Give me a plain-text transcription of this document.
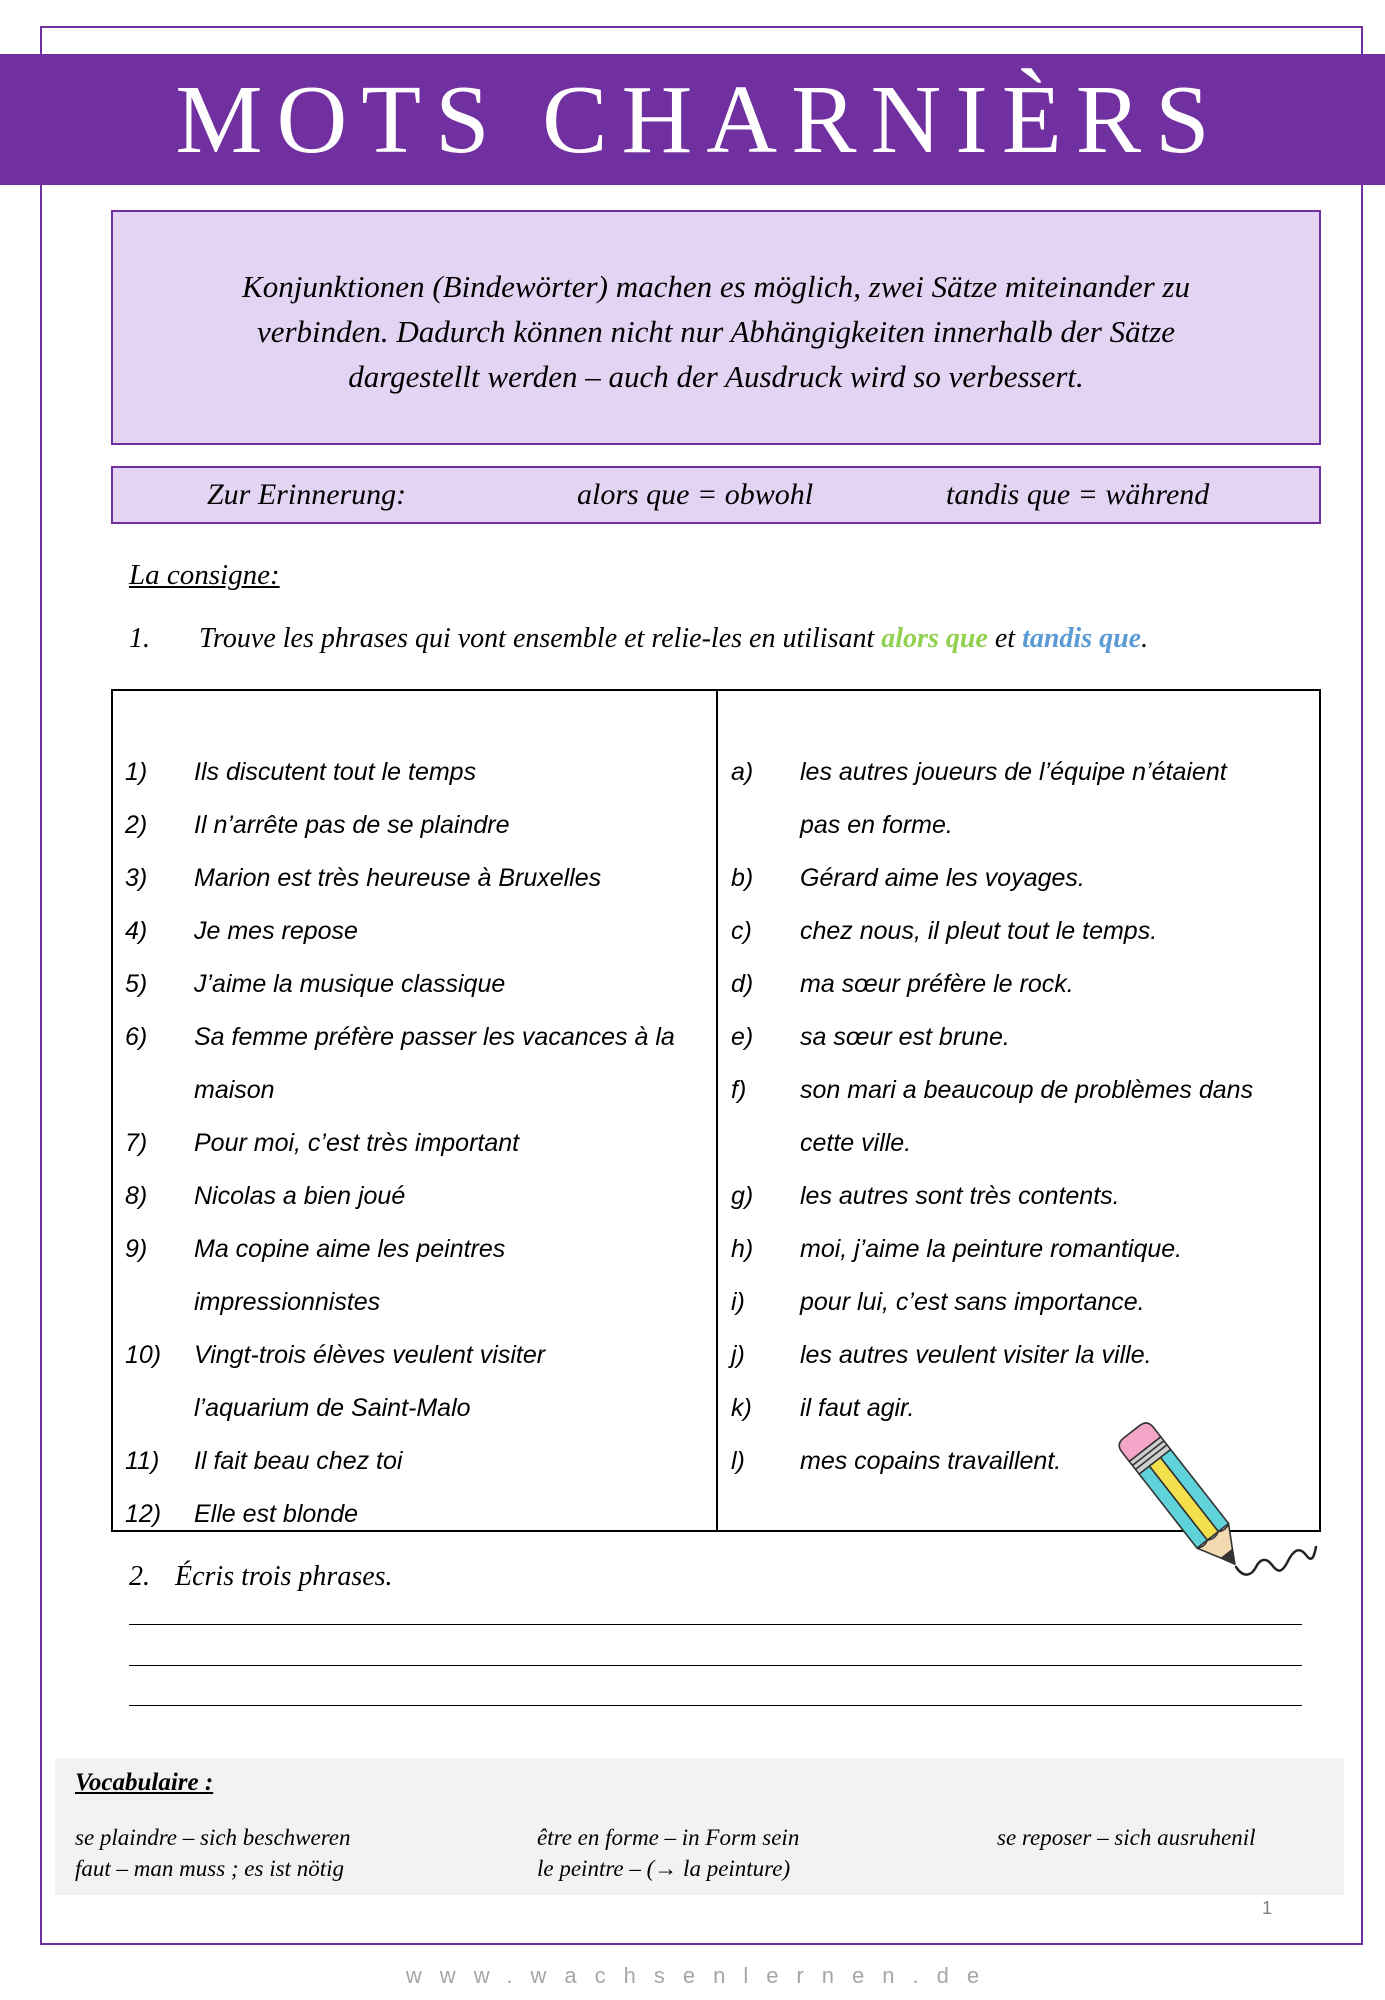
MOTS CHARNIÈRS
Konjunktionen (Bindewörter) machen es möglich, zwei Sätze miteinander zu
verbinden. Dadurch können nicht nur Abhängigkeiten innerhalb der Sätze
dargestellt werden – auch der Ausdruck wird so verbessert.
Zur Erinnerung:	alors que = obwohl	tandis que = während
La consigne:
1. Trouve les phrases qui vont ensemble et relie-les en utilisant alors que et tandis que.
1) Ils discutent tout le temps
2) Il n’arrête pas de se plaindre
3) Marion est très heureuse à Bruxelles
4) Je mes repose
5) J’aime la musique classique
6) Sa femme préfère passer les vacances à la
maison
7) Pour moi, c’est très important
8) Nicolas a bien joué
9) Ma copine aime les peintres
impressionnistes
10) Vingt-trois élèves veulent visiter
l’aquarium de Saint-Malo
11) Il fait beau chez toi
12) Elle est blonde
a) les autres joueurs de l’équipe n’étaient
pas en forme.
b) Gérard aime les voyages.
c) chez nous, il pleut tout le temps.
d) ma sœur préfère le rock.
e) sa sœur est brune.
f) son mari a beaucoup de problèmes dans
cette ville.
g) les autres sont très contents.
h) moi, j’aime la peinture romantique.
i) pour lui, c’est sans importance.
j) les autres veulent visiter la ville.
k) il faut agir.
l) mes copains travaillent.
2. Écris trois phrases.
Vocabulaire :
se plaindre – sich beschweren	être en forme – in Form sein	se reposer – sich ausruhenil
faut – man muss ; es ist nötig	le peintre – (→ la peinture)
1
www.wachsenlernen.de
